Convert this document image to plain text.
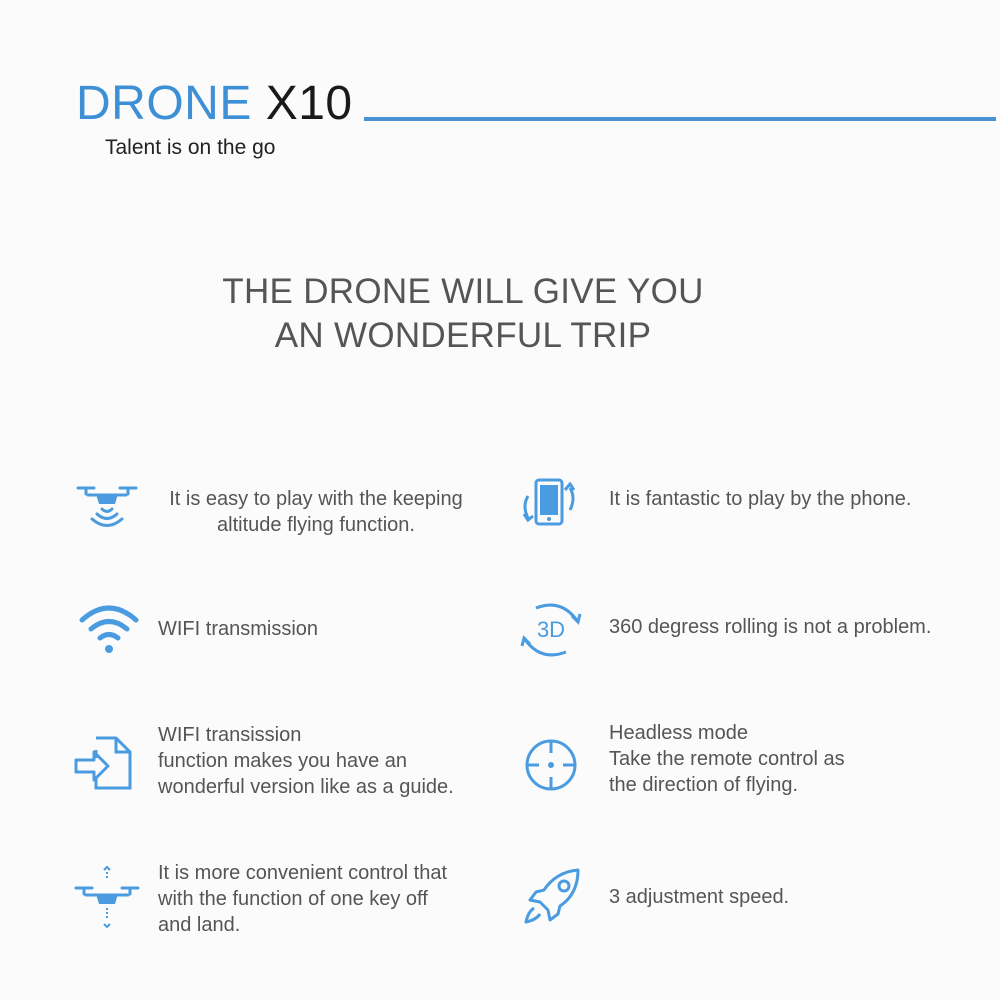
DRONE X10
Talent is on the go
THE DRONE WILL GIVE YOU
AN WONDERFUL TRIP
It is easy to play with the keeping
altitude flying function.
It is fantastic to play by the phone.
WIFI transmission	3D 360 degress rolling is not a problem.
WIFI transission
function makes you have an
wonderful version like as a guide.
Headless mode
Take the remote control as
the direction of flying.
It is more convenient control that
with the function of one key off
and land.
3 adjustment speed.
